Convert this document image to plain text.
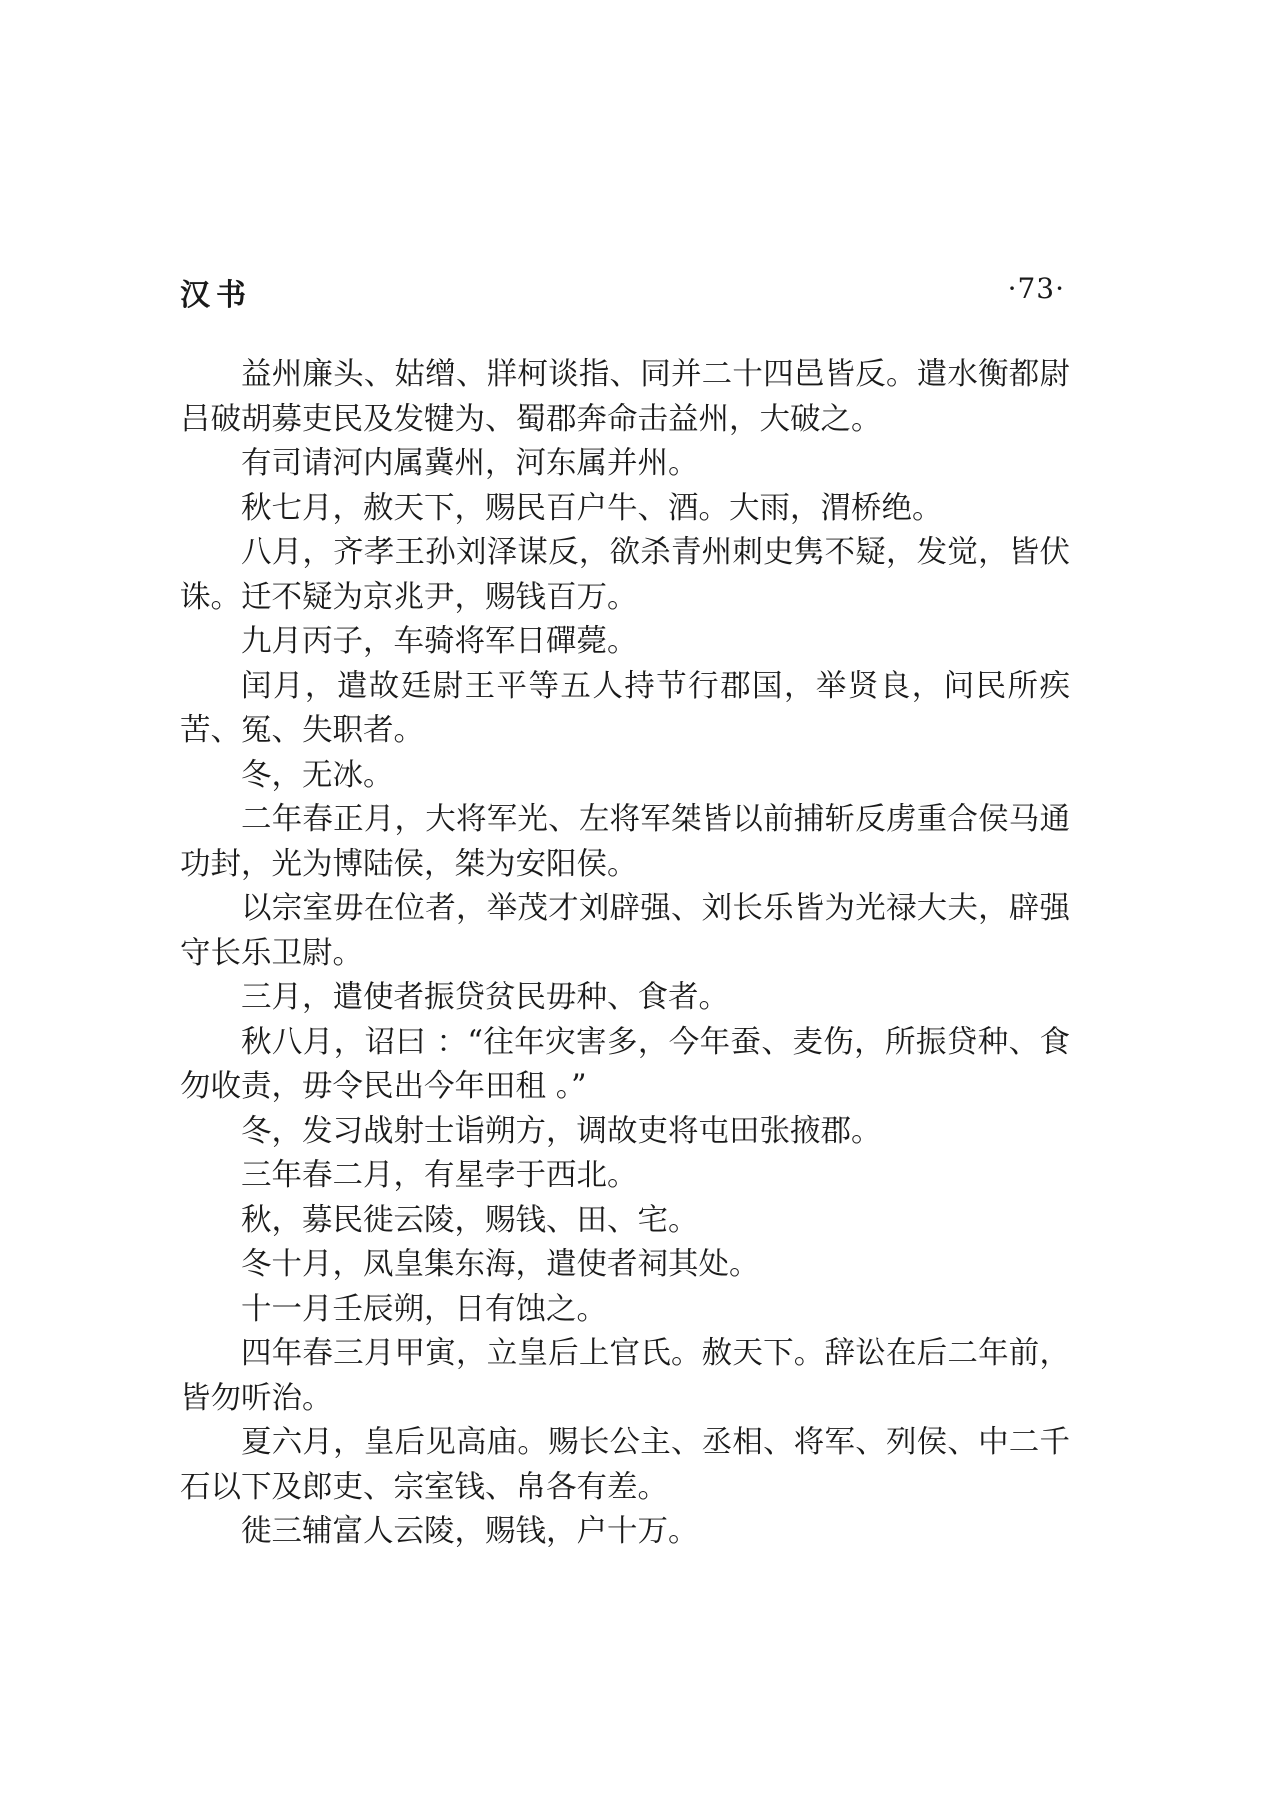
汉书	·73·

益州廉头、姑缯、牂柯谈指、同并二十四邑皆反。遣水衡都尉吕破胡募吏民及发犍为、蜀郡奔命击益州，大破之。

有司请河内属冀州，河东属并州。

秋七月，赦天下，赐民百户牛、酒。大雨，渭桥绝。

八月，齐孝王孙刘泽谋反，欲杀青州刺史隽不疑，发觉，皆伏诛。迁不疑为京兆尹，赐钱百万。

九月丙子，车骑将军日磾薨。

闰月，遣故廷尉王平等五人持节行郡国，举贤良，问民所疾苦、冤、失职者。

冬，无冰。

二年春正月，大将军光、左将军桀皆以前捕斩反虏重合侯马通功封，光为博陆侯，桀为安阳侯。

以宗室毋在位者，举茂才刘辟强、刘长乐皆为光禄大夫，辟强守长乐卫尉。

三月，遣使者振贷贫民毋种、食者。

秋八月，诏曰 ：“往年灾害多，今年蚕、麦伤，所振贷种、食勿收责，毋令民出今年田租 。”

冬，发习战射士诣朔方，调故吏将屯田张掖郡。

三年春二月，有星孛于西北。

秋，募民徙云陵，赐钱、田、宅。

冬十月，凤皇集东海，遣使者祠其处。

十一月壬辰朔，日有蚀之。

四年春三月甲寅，立皇后上官氏。赦天下。辞讼在后二年前，皆勿听治。

夏六月，皇后见高庙。赐长公主、丞相、将军、列侯、中二千石以下及郎吏、宗室钱、帛各有差。

徙三辅富人云陵，赐钱，户十万。
